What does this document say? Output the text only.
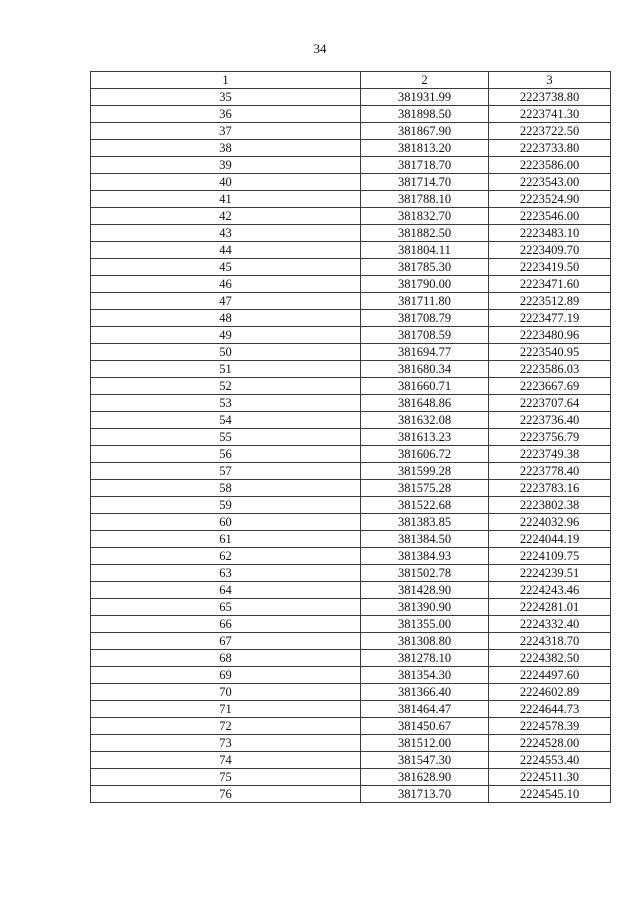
34
1	2	3
35	381931.99	2223738.80
36	381898.50	2223741.30
37	381867.90	2223722.50
38	381813.20	2223733.80
39	381718.70	2223586.00
40	381714.70	2223543.00
41	381788.10	2223524.90
42	381832.70	2223546.00
43	381882.50	2223483.10
44	381804.11	2223409.70
45	381785.30	2223419.50
46	381790.00	2223471.60
47	381711.80	2223512.89
48	381708.79	2223477.19
49	381708.59	2223480.96
50	381694.77	2223540.95
51	381680.34	2223586.03
52	381660.71	2223667.69
53	381648.86	2223707.64
54	381632.08	2223736.40
55	381613.23	2223756.79
56	381606.72	2223749.38
57	381599.28	2223778.40
58	381575.28	2223783.16
59	381522.68	2223802.38
60	381383.85	2224032.96
61	381384.50	2224044.19
62	381384.93	2224109.75
63	381502.78	2224239.51
64	381428.90	2224243.46
65	381390.90	2224281.01
66	381355.00	2224332.40
67	381308.80	2224318.70
68	381278.10	2224382.50
69	381354.30	2224497.60
70	381366.40	2224602.89
71	381464.47	2224644.73
72	381450.67	2224578.39
73	381512.00	2224528.00
74	381547.30	2224553.40
75	381628.90	2224511.30
76	381713.70	2224545.10
